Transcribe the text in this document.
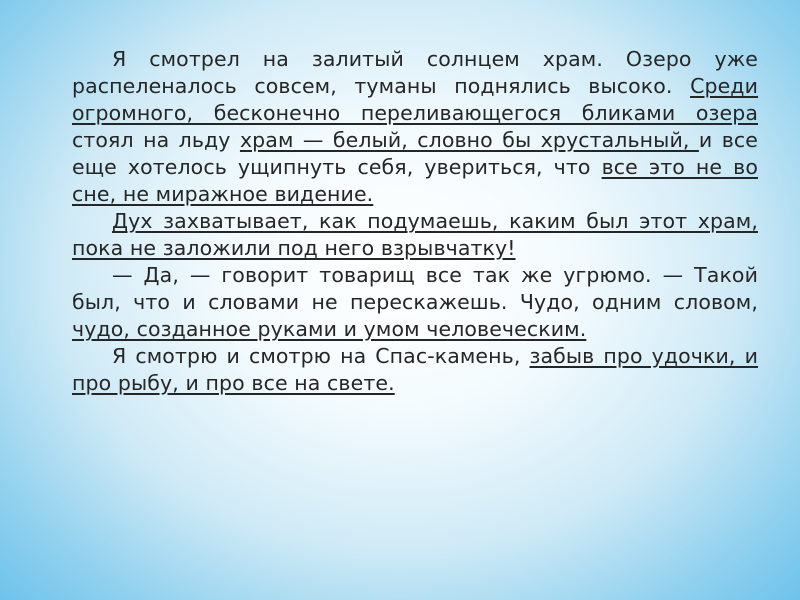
Я смотрел на залитый солнцем храм. Озеро уже распеленалось совсем, туманы поднялись высоко. Среди огромного, бесконечно переливающегося бликами озера стоял на льду храм — белый, словно бы хрустальный, и все еще хотелось ущипнуть себя, увериться, что все это не во сне, не миражное видение.

Дух захватывает, как подумаешь, каким был этот храм, пока не заложили под него взрывчатку!

— Да, — говорит товарищ все так же угрюмо. — Такой был, что и словами не перескажешь. Чудо, одним словом, чудо, созданное руками и умом человеческим.

Я смотрю и смотрю на Спас-камень, забыв про удочки, и про рыбу, и про все на свете.
